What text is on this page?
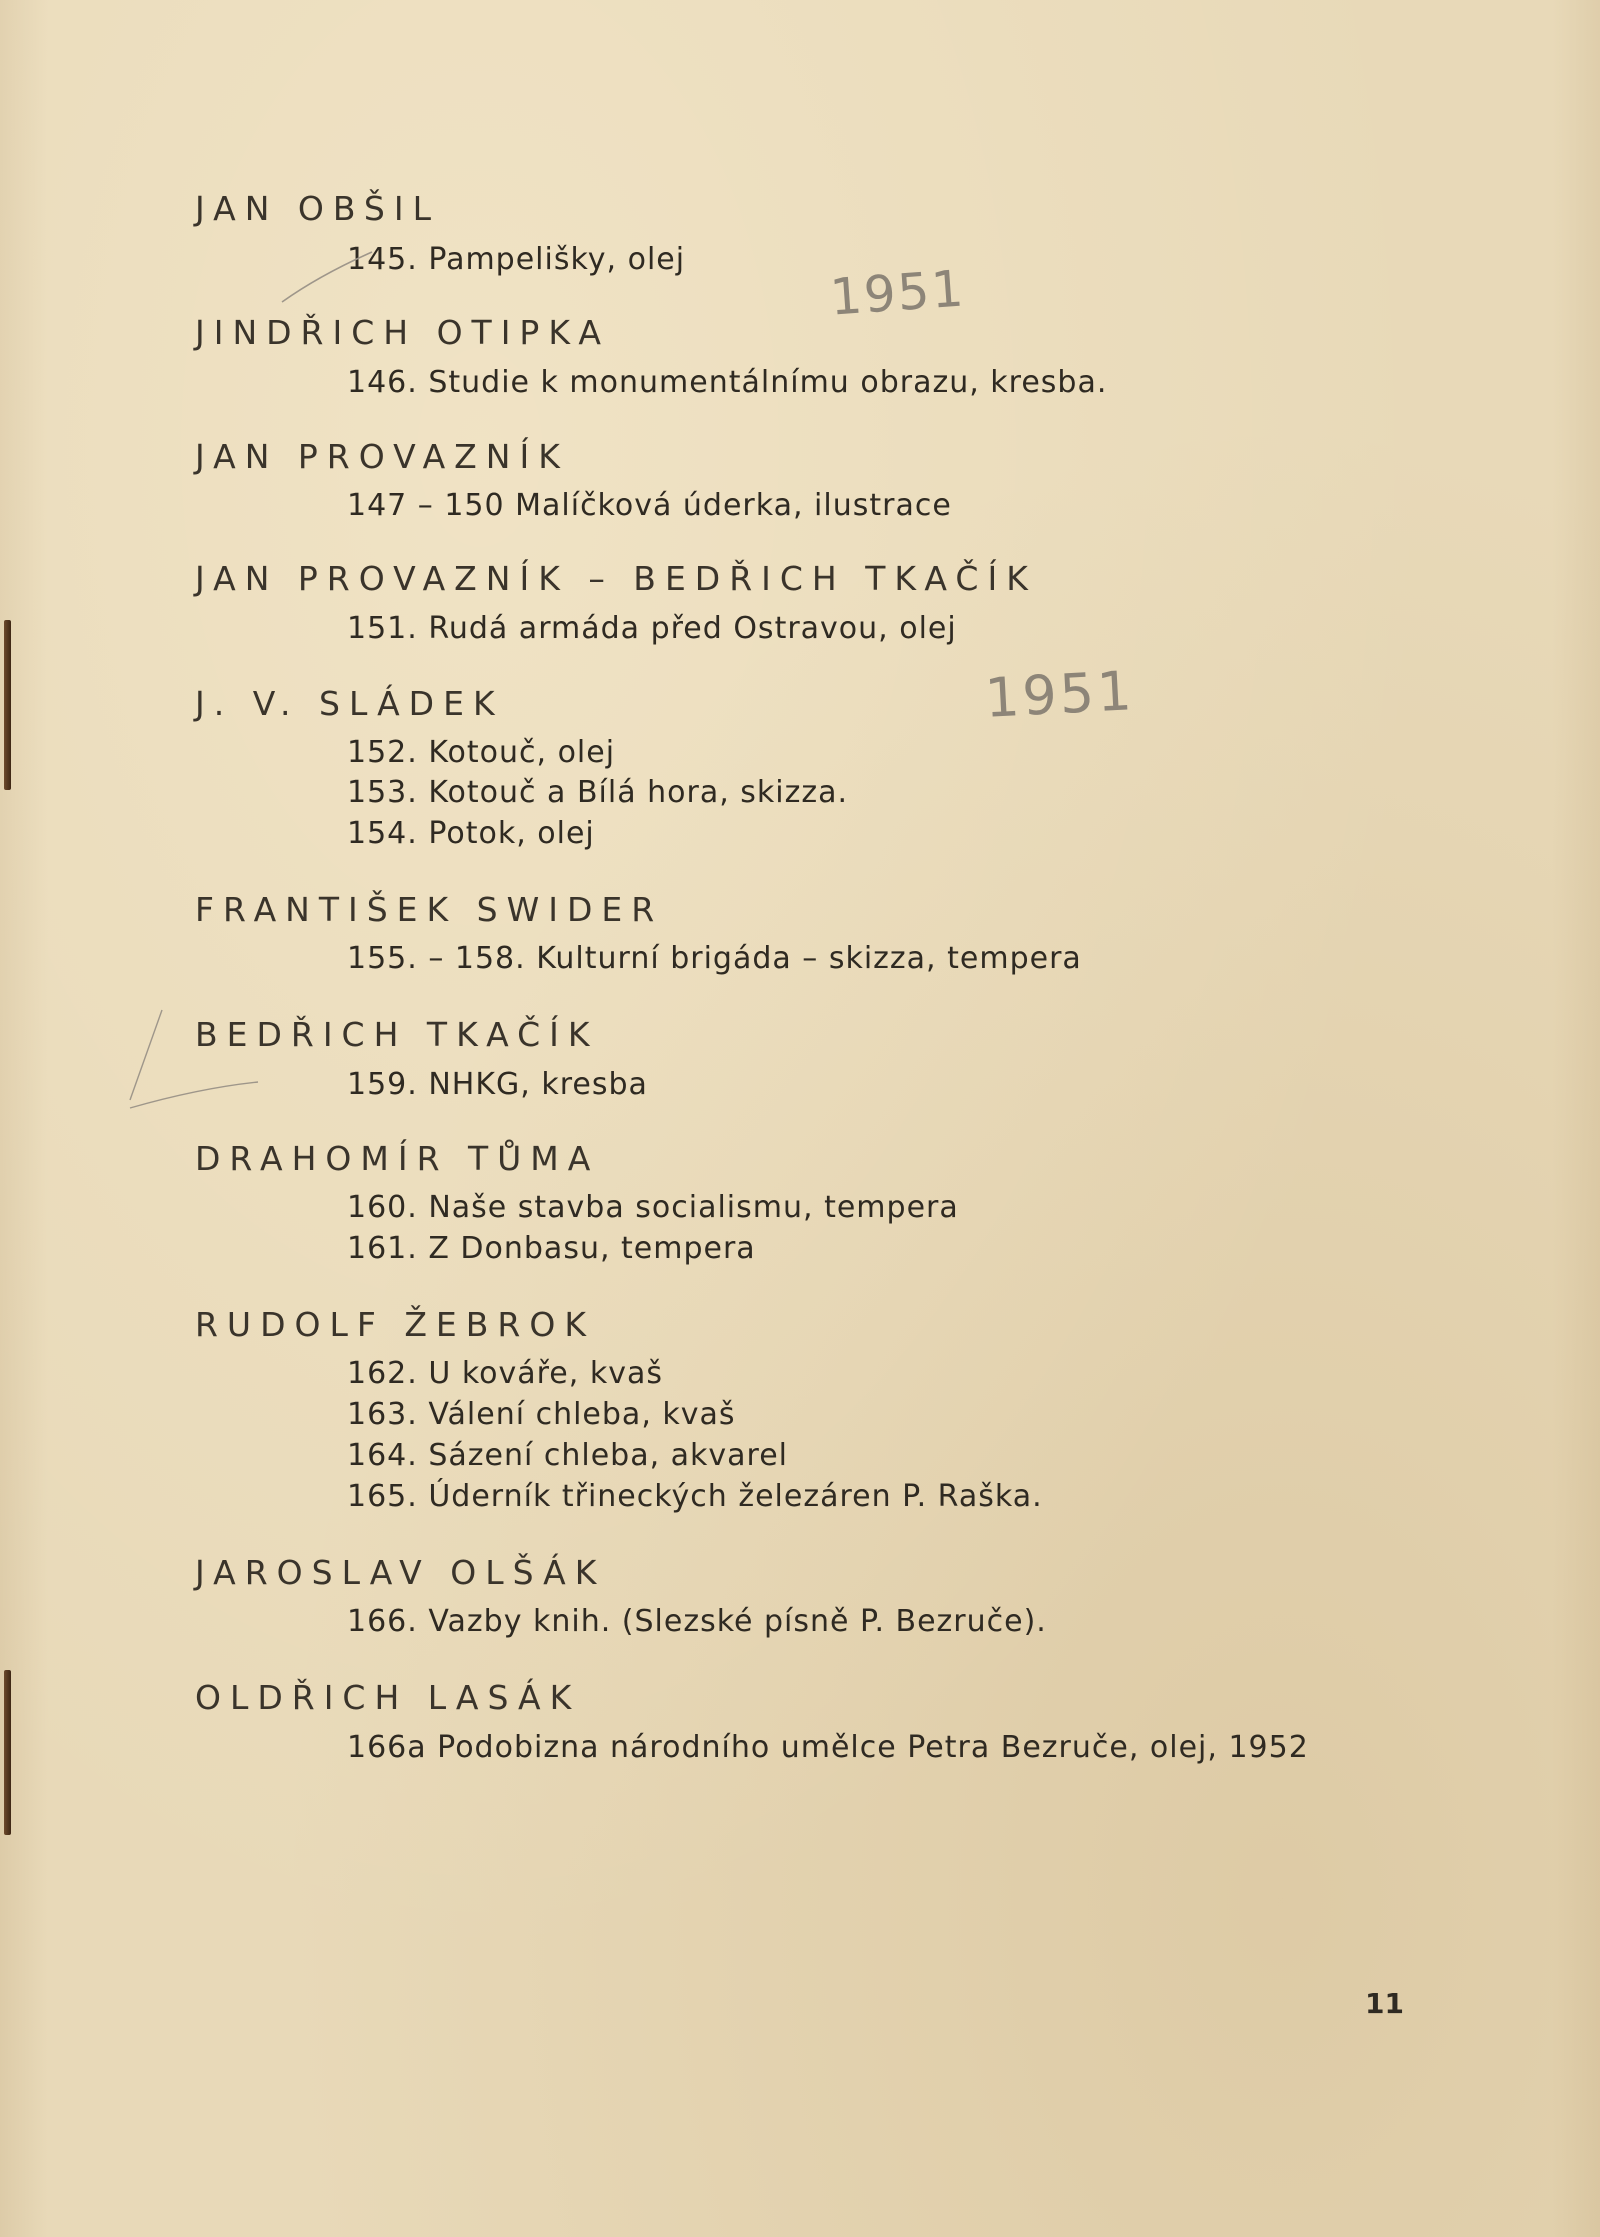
JAN OBŠIL
145. Pampelišky, olej
JINDŘICH OTIPKA
146. Studie k monumentálnímu obrazu, kresba.
JAN PROVAZNÍK
147 – 150 Malíčková úderka, ilustrace
JAN PROVAZNÍK – BEDŘICH TKAČÍK
151. Rudá armáda před Ostravou, olej
J. V. SLÁDEK
152. Kotouč, olej
153. Kotouč a Bílá hora, skizza.
154. Potok, olej
FRANTIŠEK SWIDER
155. – 158. Kulturní brigáda – skizza, tempera
BEDŘICH TKAČÍK
159. NHKG, kresba
DRAHOMÍR TŮMA
160. Naše stavba socialismu, tempera
161. Z Donbasu, tempera
RUDOLF ŽEBROK
162. U kováře, kvaš
163. Válení chleba, kvaš
164. Sázení chleba, akvarel
165. Úderník třineckých železáren P. Raška.
JAROSLAV OLŠÁK
166. Vazby knih. (Slezské písně P. Bezruče).
OLDŘICH LASÁK
166a Podobizna národního umělce Petra Bezruče, olej, 1952
1951
1951
11
